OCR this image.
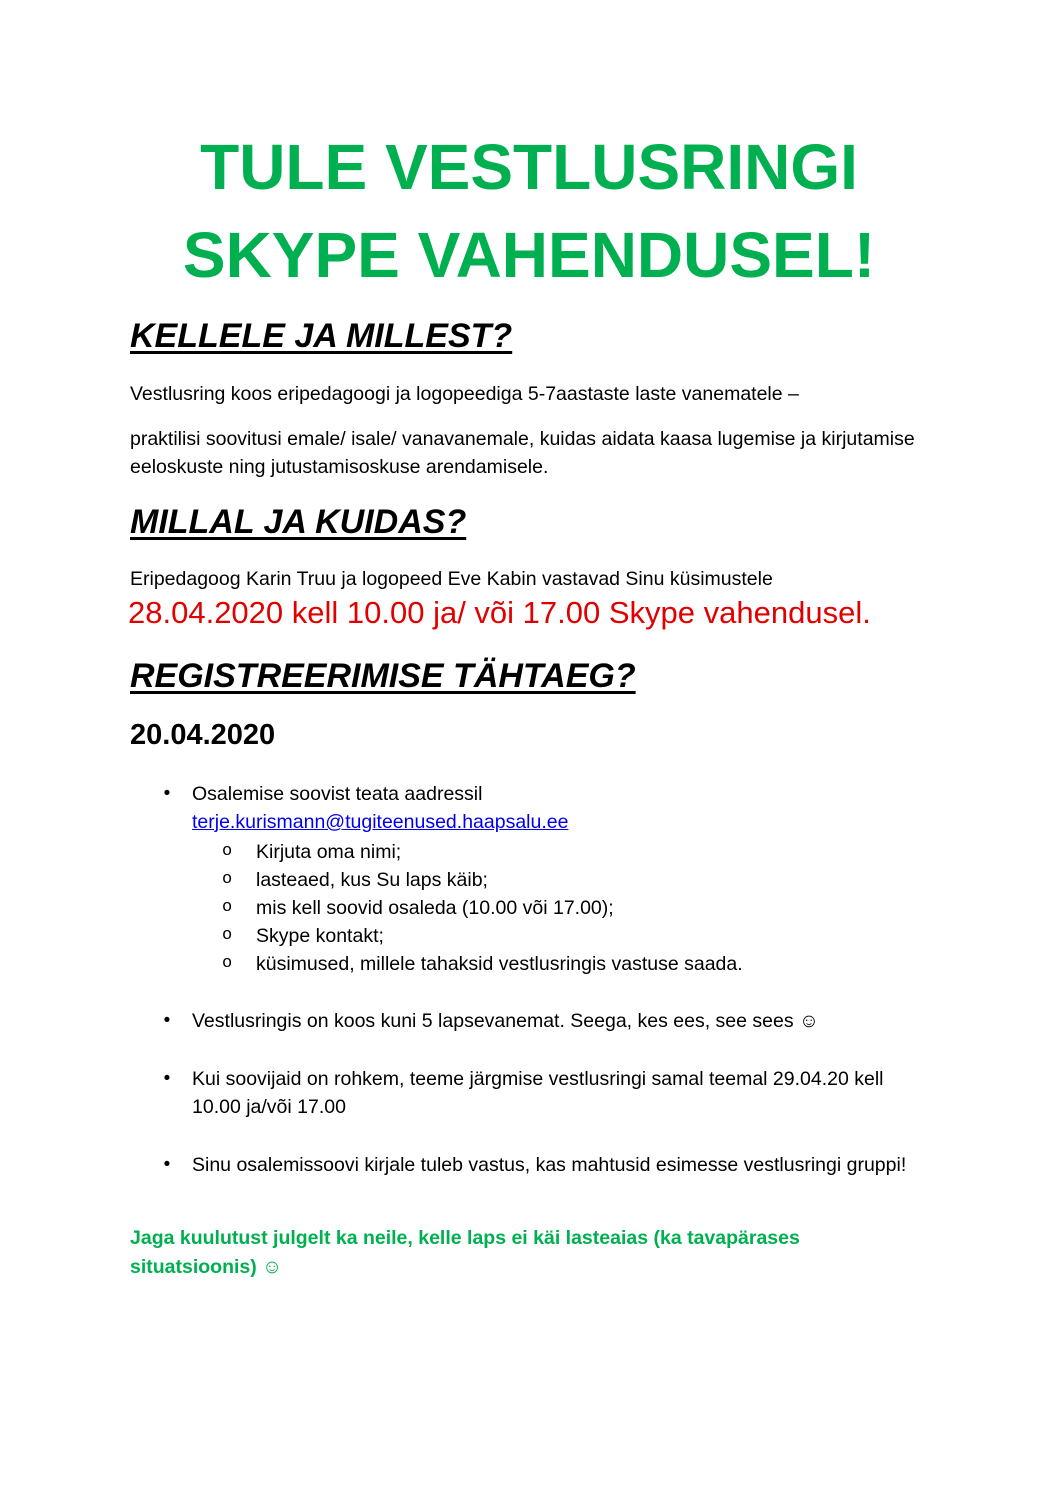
TULE VESTLUSRINGI
SKYPE VAHENDUSEL!
KELLELE JA MILLEST?

Vestlusring koos eripedagoogi ja logopeediga 5-7aastaste laste vanematele –

praktilisi soovitusi emale/ isale/ vanavanemale, kuidas aidata kaasa lugemise ja kirjutamise eeloskuste ning jutustamisoskuse arendamisele.

MILLAL JA KUIDAS?

Eripedagoog Karin Truu ja logopeed Eve Kabin vastavad Sinu küsimustele

28.04.2020 kell 10.00 ja/ või 17.00 Skype vahendusel.

REGISTREERIMISE TÄHTAEG?

20.04.2020

• Osalemise soovist teata aadressil
terje.kurismann@tugiteenused.haapsalu.ee
o Kirjuta oma nimi;
o lasteaed, kus Su laps käib;
o mis kell soovid osaleda (10.00 või 17.00);
o Skype kontakt;
o küsimused, millele tahaksid vestlusringis vastuse saada.
• Vestlusringis on koos kuni 5 lapsevanemat. Seega, kes ees, see sees ☺
• Kui soovijaid on rohkem, teeme järgmise vestlusringi samal teemal 29.04.20 kell 10.00 ja/või 17.00
• Sinu osalemissoovi kirjale tuleb vastus, kas mahtusid esimesse vestlusringi gruppi!

Jaga kuulutust julgelt ka neile, kelle laps ei käi lasteaias (ka tavapärases situatsioonis) ☺
